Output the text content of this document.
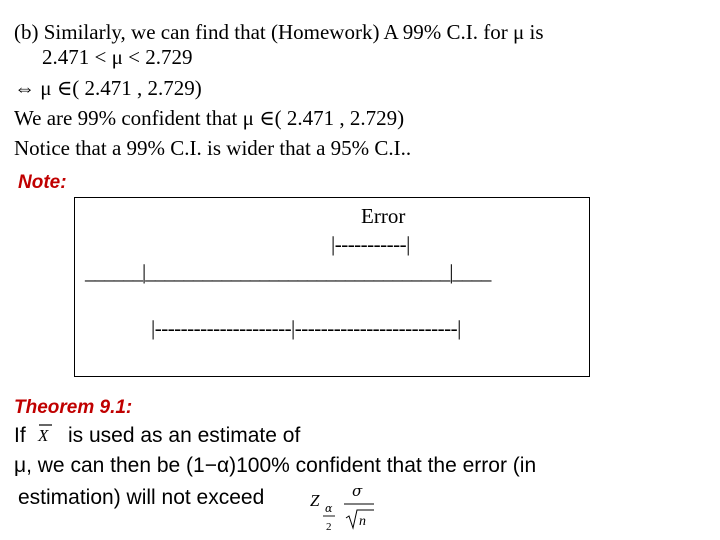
(b) Similarly, we can find that (Homework) A 99% C.I. for μ is
2.471 < μ < 2.729
⇔ μ ∈( 2.471 , 2.729)
We are 99% confident that μ ∈( 2.471 , 2.729)
Notice that a 99% C.I. is wider that a 95% C.I..
Note:
Error
|-----------|
______|________________________________|____
|---------------------|-------------------------|
Theorem 9.1:
If X is used as an estimate of
μ, we can then be (1−α)100% confident that the error (in
estimation) will not exceed	Z α
2
σ
n
